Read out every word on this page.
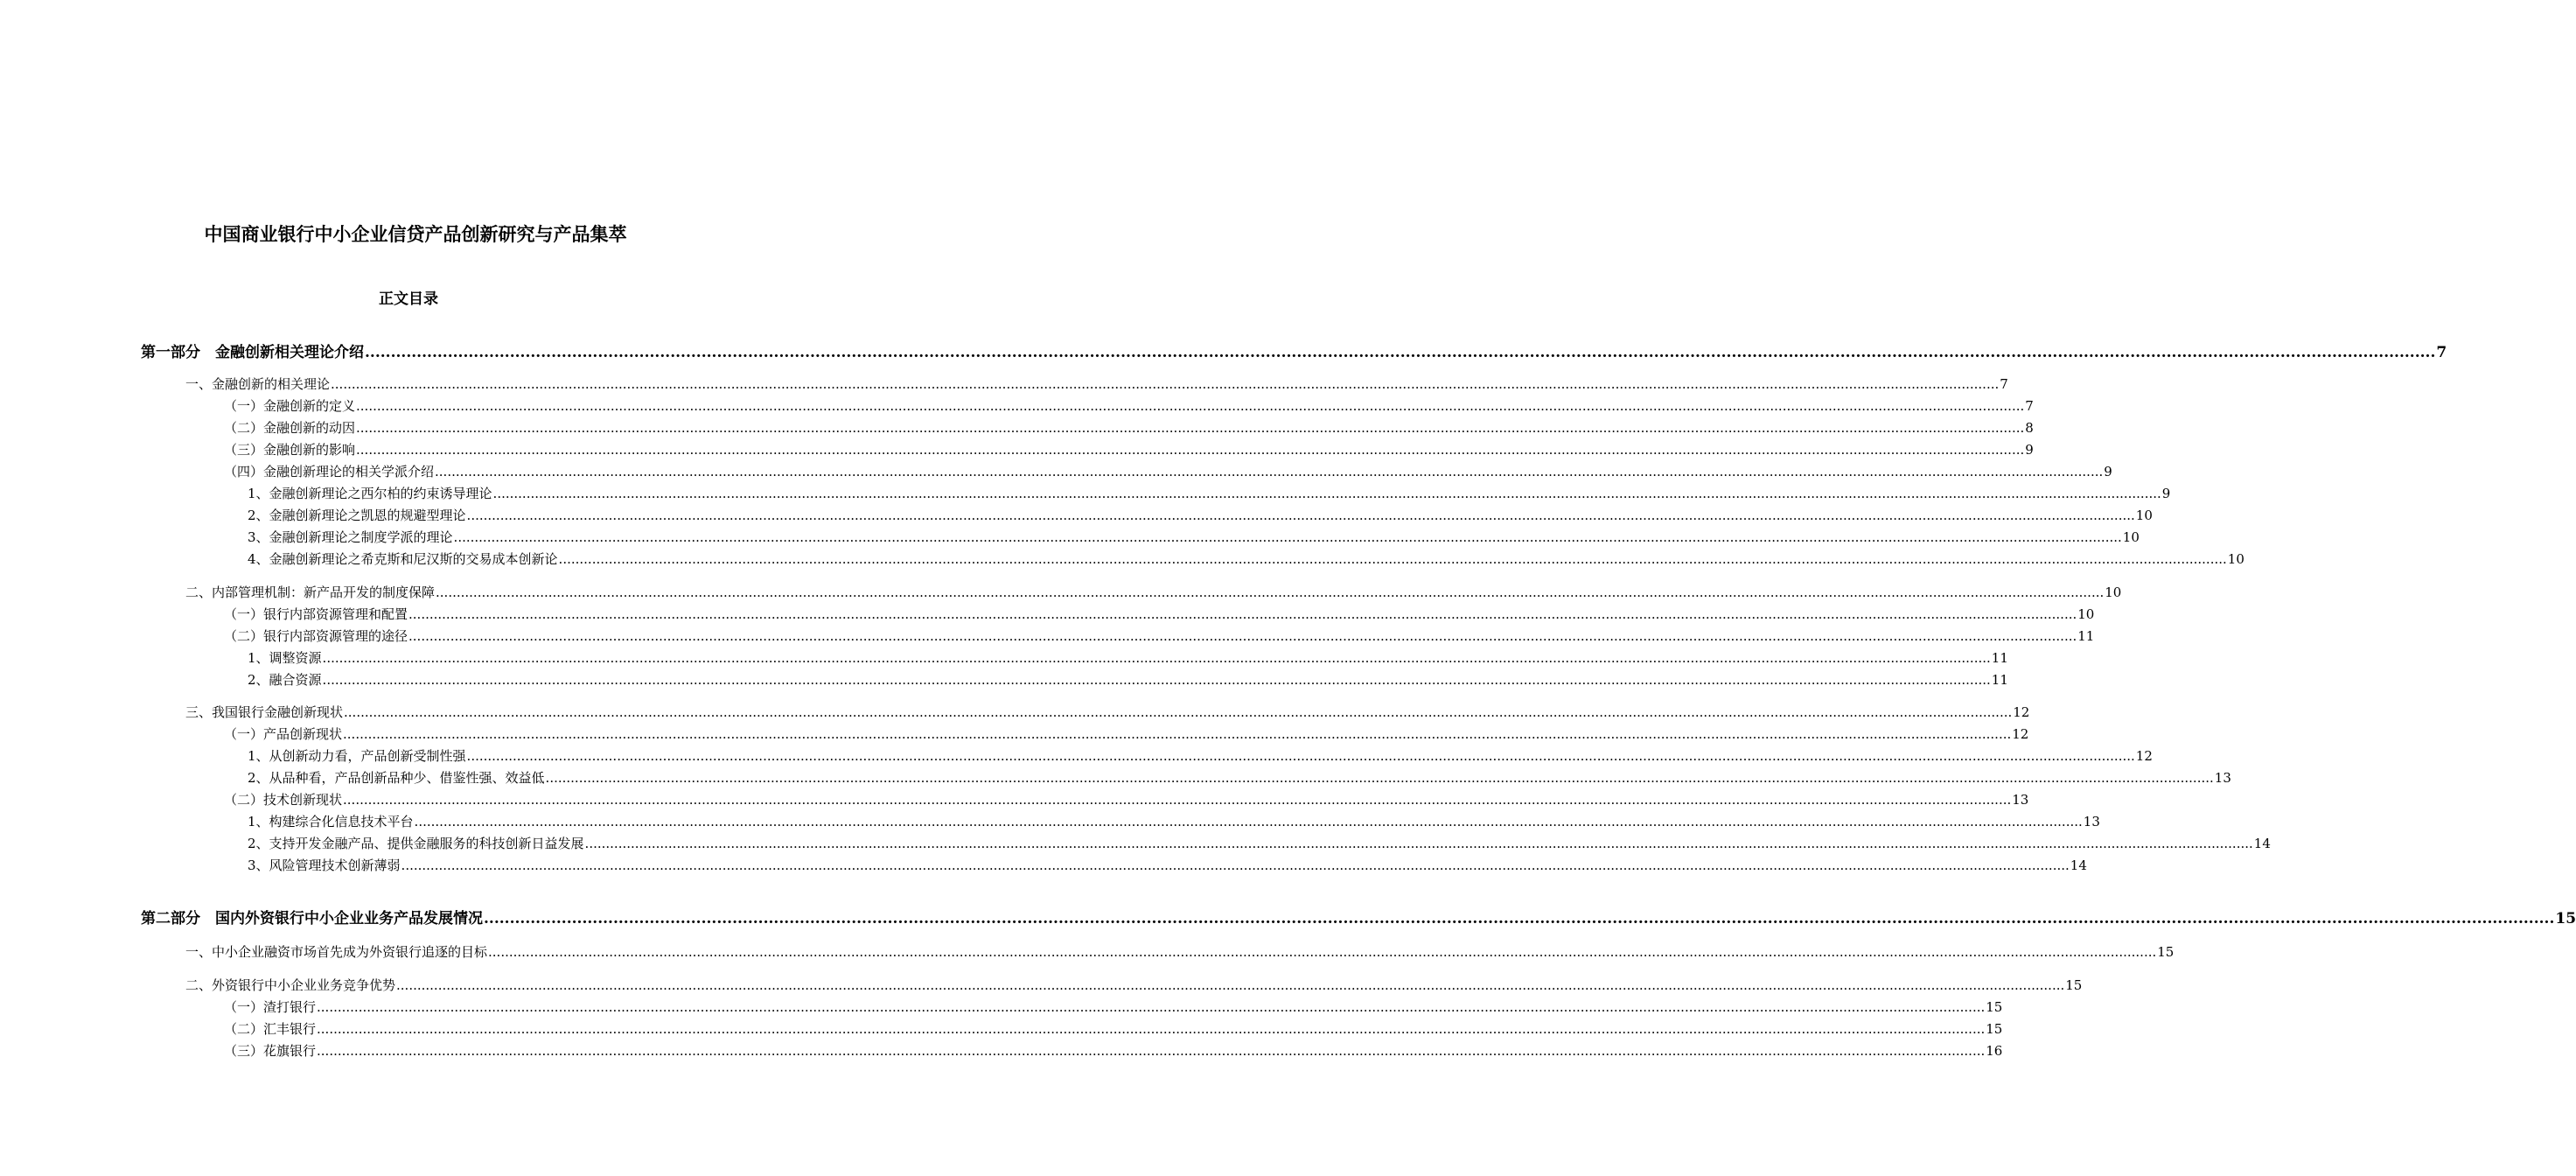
中国商业银行中小企业信贷产品创新研究与产品集萃
正文目录
第一部分　金融创新相关理论介绍 ................................................................................................................................................................................................................................................................................................................................................................................................................ 7
一、金融创新的相关理论 ................................................................................................................................................................................................................................................................................................................................................................................................................ 7
（一）金融创新的定义 ................................................................................................................................................................................................................................................................................................................................................................................................................ 7
（二）金融创新的动因 ................................................................................................................................................................................................................................................................................................................................................................................................................ 8
（三）金融创新的影响 ................................................................................................................................................................................................................................................................................................................................................................................................................ 9
（四）金融创新理论的相关学派介绍 ................................................................................................................................................................................................................................................................................................................................................................................................................ 9
1、金融创新理论之西尔柏的约束诱导理论 ................................................................................................................................................................................................................................................................................................................................................................................................................ 9
2、金融创新理论之凯恩的规避型理论 ................................................................................................................................................................................................................................................................................................................................................................................................................ 10
3、金融创新理论之制度学派的理论 ................................................................................................................................................................................................................................................................................................................................................................................................................ 10
4、金融创新理论之希克斯和尼汉斯的交易成本创新论 ................................................................................................................................................................................................................................................................................................................................................................................................................ 10
二、内部管理机制：新产品开发的制度保障 ................................................................................................................................................................................................................................................................................................................................................................................................................ 10
（一）银行内部资源管理和配置 ................................................................................................................................................................................................................................................................................................................................................................................................................ 10
（二）银行内部资源管理的途径 ................................................................................................................................................................................................................................................................................................................................................................................................................ 11
1、调整资源 ................................................................................................................................................................................................................................................................................................................................................................................................................ 11
2、融合资源 ................................................................................................................................................................................................................................................................................................................................................................................................................ 11
三、我国银行金融创新现状 ................................................................................................................................................................................................................................................................................................................................................................................................................ 12
（一）产品创新现状 ................................................................................................................................................................................................................................................................................................................................................................................................................ 12
1、从创新动力看，产品创新受制性强 ................................................................................................................................................................................................................................................................................................................................................................................................................ 12
2、从品种看，产品创新品种少、借鉴性强、效益低 ................................................................................................................................................................................................................................................................................................................................................................................................................ 13
（二）技术创新现状 ................................................................................................................................................................................................................................................................................................................................................................................................................ 13
1、构建综合化信息技术平台 ................................................................................................................................................................................................................................................................................................................................................................................................................ 13
2、支持开发金融产品、提供金融服务的科技创新日益发展 ................................................................................................................................................................................................................................................................................................................................................................................................................ 14
3、风险管理技术创新薄弱 ................................................................................................................................................................................................................................................................................................................................................................................................................ 14
第二部分　国内外资银行中小企业业务产品发展情况 ................................................................................................................................................................................................................................................................................................................................................................................................................ 15
一、中小企业融资市场首先成为外资银行追逐的目标 ................................................................................................................................................................................................................................................................................................................................................................................................................ 15
二、外资银行中小企业业务竞争优势 ................................................................................................................................................................................................................................................................................................................................................................................................................ 15
（一）渣打银行 ................................................................................................................................................................................................................................................................................................................................................................................................................ 15
（二）汇丰银行 ................................................................................................................................................................................................................................................................................................................................................................................................................ 15
（三）花旗银行 ................................................................................................................................................................................................................................................................................................................................................................................................................ 16
